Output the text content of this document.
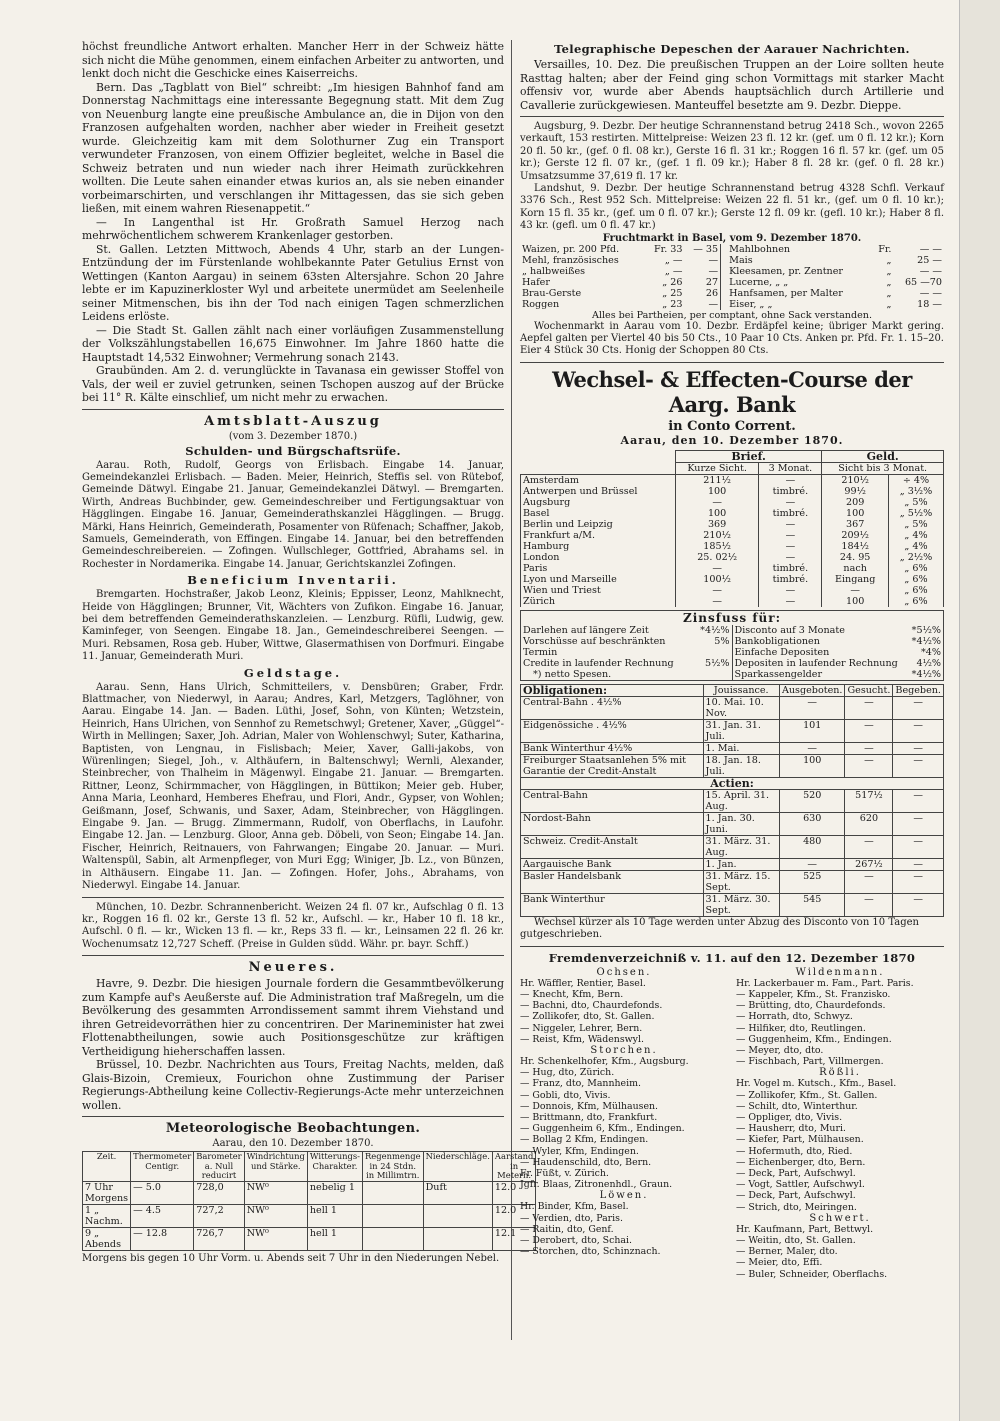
höchst freundliche Antwort erhalten. Mancher Herr in der Schweiz hätte sich nicht die Mühe genommen, einem einfachen Arbeiter zu antworten, und lenkt doch nicht die Geschicke eines Kaiserreichs.

Bern. Das „Tagblatt von Biel“ schreibt: „Im hiesigen Bahnhof fand am Donnerstag Nachmittags eine interessante Begegnung statt. Mit dem Zug von Neuenburg langte eine preußische Ambulance an, die in Dijon von den Franzosen aufgehalten worden, nachher aber wieder in Freiheit gesetzt wurde. Gleichzeitig kam mit dem Solothurner Zug ein Transport verwundeter Franzosen, von einem Offizier begleitet, welche in Basel die Schweiz betraten und nun wieder nach ihrer Heimath zurückkehren wollten. Die Leute sahen einander etwas kurios an, als sie neben einander vorbeimarschirten, und verschlangen ihr Mittagessen, das sie sich geben ließen, mit einem wahren Riesenappetit.“

— In Langenthal ist Hr. Großrath Samuel Herzog nach mehrwöchentlichem schwerem Krankenlager gestorben.

St. Gallen. Letzten Mittwoch, Abends 4 Uhr, starb an der Lungen-Entzündung der im Fürstenlande wohlbekannte Pater Getulius Ernst von Wettingen (Kanton Aargau) in seinem 63sten Altersjahre. Schon 20 Jahre lebte er im Kapuzinerkloster Wyl und arbeitete unermüdet am Seelenheile seiner Mitmenschen, bis ihn der Tod nach einigen Tagen schmerzlichen Leidens erlöste.

— Die Stadt St. Gallen zählt nach einer vorläufigen Zusammenstellung der Volkszählungstabellen 16,675 Einwohner. Im Jahre 1860 hatte die Hauptstadt 14,532 Einwohner; Vermehrung sonach 2143.

Graubünden. Am 2. d. verunglückte in Tavanasa ein gewisser Stoffel von Vals, der weil er zuviel getrunken, seinen Tschopen auszog auf der Brücke bei 11° R. Kälte einschlief, um nicht mehr zu erwachen.

Amtsblatt-Auszug
(vom 3. Dezember 1870.)
Schulden- und Bürgschaftsrüfe.

Aarau. Roth, Rudolf, Georgs von Erlisbach. Eingabe 14. Januar, Gemeindekanzlei Erlisbach. — Baden. Meier, Heinrich, Steffis sel. von Rütebof, Gemeinde Dätwyl. Eingabe 21. Januar, Gemeindekanzlei Dätwyl. — Bremgarten. Wirth, Andreas Buchbinder, gew. Gemeindeschreiber und Fertigungsaktuar von Hägglingen. Eingabe 16. Januar, Gemeinderathskanzlei Hägglingen. — Brugg. Märki, Hans Heinrich, Gemeinderath, Posamenter von Rüfenach; Schaffner, Jakob, Samuels, Gemeinderath, von Effingen. Eingabe 14. Januar, bei den betreffenden Gemeindeschreibereien. — Zofingen. Wullschleger, Gottfried, Abrahams sel. in Rochester in Nordamerika. Eingabe 14. Januar, Gerichtskanzlei Zofingen.

Beneficium Inventarii.

Bremgarten. Hochstraßer, Jakob Leonz, Kleinis; Eppisser, Leonz, Mahlknecht, Heide von Hägglingen; Brunner, Vit, Wächters von Zufikon. Eingabe 16. Januar, bei dem betreffenden Gemeinderathskanzleien. — Lenzburg. Rüfli, Ludwig, gew. Kaminfeger, von Seengen. Eingabe 18. Jan., Gemeindeschreiberei Seengen. — Muri. Rebsamen, Rosa geb. Huber, Wittwe, Glasermathisen von Dorfmuri. Eingabe 11. Januar, Gemeinderath Muri.

Geldstage.

Aarau. Senn, Hans Ulrich, Schmitteilers, v. Densbüren; Graber, Frdr. Blattmacher, von Niederwyl, in Aarau; Andres, Karl, Metzgers, Taglöhner, von Aarau. Eingabe 14. Jan. — Baden. Lüthi, Josef, Sohn, von Künten; Wetzstein, Heinrich, Hans Ulrichen, von Sennhof zu Remetschwyl; Gretener, Xaver, „Güggel“-Wirth in Mellingen; Saxer, Joh. Adrian, Maler von Wohlenschwyl; Suter, Katharina, Baptisten, von Lengnau, in Fislisbach; Meier, Xaver, Galli-jakobs, von Würenlingen; Siegel, Joh., v. Althäufern, in Baltenschwyl; Wernli, Alexander, Steinbrecher, von Thalheim in Mägenwyl. Eingabe 21. Januar. — Bremgarten. Rittner, Leonz, Schirmmacher, von Hägglingen, in Büttikon; Meier geb. Huber, Anna Maria, Leonhard, Hemberes Ehefrau, und Flori, Andr., Gypser, von Wohlen; Geißmann, Josef, Schwanis, und Saxer, Adam, Steinbrecher, von Hägglingen. Eingabe 9. Jan. — Brugg. Zimmermann, Rudolf, von Oberflachs, in Laufohr. Eingabe 12. Jan. — Lenzburg. Gloor, Anna geb. Döbeli, von Seon; Eingabe 14. Jan. Fischer, Heinrich, Reitnauers, von Fahrwangen; Eingabe 20. Januar. — Muri. Waltenspül, Sabin, alt Armenpfleger, von Muri Egg; Winiger, Jb. Lz., von Bünzen, in Althäusern. Eingabe 11. Jan. — Zofingen. Hofer, Johs., Abrahams, von Niederwyl. Eingabe 14. Januar.

München, 10. Dezbr. Schrannenbericht. Weizen 24 fl. 07 kr., Aufschlag 0 fl. 13 kr., Roggen 16 fl. 02 kr., Gerste 13 fl. 52 kr., Aufschl. — kr., Haber 10 fl. 18 kr., Aufschl. 0 fl. — kr., Wicken 13 fl. — kr., Reps 33 fl. — kr., Leinsamen 22 fl. 26 kr. Wochenumsatz 12,727 Scheff. (Preise in Gulden südd. Währ. pr. bayr. Schff.)

Neueres.

Havre, 9. Dezbr. Die hiesigen Journale fordern die Gesammtbevölkerung zum Kampfe auf's Aeußerste auf. Die Administration traf Maßregeln, um die Bevölkerung des gesammten Arrondissement sammt ihrem Viehstand und ihren Getreidevorräthen hier zu concentriren. Der Marineminister hat zwei Flottenabtheilungen, sowie auch Positionsgeschütze zur kräftigen Vertheidigung hieherschaffen lassen.

Brüssel, 10. Dezbr. Nachrichten aus Tours, Freitag Nachts, melden, daß Glais-Bizoin, Cremieux, Fourichon ohne Zustimmung der Pariser Regierungs-Abtheilung keine Collectiv-Regierungs-Acte mehr unterzeichnen wollen.

Meteorologische Beobachtungen.
Aarau, den 10. Dezember 1870.
Zeit.	Thermometer Centigr.	Barometer a. Null reducirt	Windrichtung und Stärke.	Witterungs-Charakter.	Regenmenge in 24 Stdn. in Millimtrn.	Niederschläge.	Aarstand in Metern.
7 Uhr Morgens	— 5.0	728,0	NW⁰	nebelig 1		Duft	12.0
1 „ Nachm.	— 4.5	727,2	NW⁰	hell 1			12.0
9 „ Abends	— 12.8	726,7	NW⁰	hell 1			12.1
Morgens bis gegen 10 Uhr Vorm. u. Abends seit 7 Uhr in den Niederungen Nebel.
Telegraphische Depeschen der Aarauer Nachrichten.

Versailles, 10. Dez. Die preußischen Truppen an der Loire sollten heute Rasttag halten; aber der Feind ging schon Vormittags mit starker Macht offensiv vor, wurde aber Abends hauptsächlich durch Artillerie und Cavallerie zurückgewiesen. Manteuffel besetzte am 9. Dezbr. Dieppe.

Augsburg, 9. Dezbr. Der heutige Schrannenstand betrug 2418 Sch., wovon 2265 verkauft, 153 restirten. Mittelpreise: Weizen 23 fl. 12 kr. (gef. um 0 fl. 12 kr.); Korn 20 fl. 50 kr., (gef. 0 fl. 08 kr.), Gerste 16 fl. 31 kr.; Roggen 16 fl. 57 kr. (gef. um 05 kr.); Gerste 12 fl. 07 kr., (gef. 1 fl. 09 kr.); Haber 8 fl. 28 kr. (gef. 0 fl. 28 kr.) Umsatzsumme 37,619 fl. 17 kr.

Landshut, 9. Dezbr. Der heutige Schrannenstand betrug 4328 Schfl. Verkauf 3376 Sch., Rest 952 Sch. Mittelpreise: Weizen 22 fl. 51 kr., (gef. um 0 fl. 10 kr.); Korn 15 fl. 35 kr., (gef. um 0 fl. 07 kr.); Gerste 12 fl. 09 kr. (gefl. 10 kr.); Haber 8 fl. 43 kr. (gefl. um 0 fl. 47 kr.)

Fruchtmarkt in Basel, vom 9. Dezember 1870.
Waizen, pr. 200 Pfd.	Fr. 33	— 35		Mahlbohnen	Fr.	— —
Mehl, französisches	„ —	—		Mais	„	25 —
„ halbweißes	„ —	—		Kleesamen, pr. Zentner	„	— —
Hafer	„ 26	27		Lucerne, „ „	„	65 —70
Brau-Gerste	„ 25	26		Hanfsamen, per Malter	„	— —
Roggen	„ 23	—		Eiser, „ „	„	18 —
Alles bei Partheien, per comptant, ohne Sack verstanden.

Wochenmarkt in Aarau vom 10. Dezbr. Erdäpfel keine; übriger Markt gering. Aepfel galten per Viertel 40 bis 50 Cts., 10 Paar 10 Cts. Anken pr. Pfd. Fr. 1. 15–20. Eier 4 Stück 30 Cts. Honig der Schoppen 80 Cts.

Wechsel- & Effecten-Course der Aarg. Bank
in Conto Corrent.
Aarau, den 10. Dezember 1870.
	Brief.		Geld.	
	Kurze Sicht.	3 Monat.	Sicht bis 3 Monat.	
Amsterdam	211½	—	210½	÷ 4%
Antwerpen und Brüssel	100	timbré.	99½	„ 3½%
Augsburg	—	—	209	„ 5%
Basel	100	timbré.	100	„ 5½%
Berlin und Leipzig	369	—	367	„ 5%
Frankfurt a/M.	210½	—	209½	„ 4%
Hamburg	185½	—	184½	„ 4%
London	25. 02½	—	24. 95	„ 2½%
Paris	—	timbré.	nach	„ 6%
Lyon und Marseille	100½	timbré.	Eingang	„ 6%
Wien und Triest	—	—	—	„ 6%
Zürich	—	—	100	„ 6%
Zinsfuss für:
Darlehen auf längere Zeit	*4½%
Vorschüsse auf beschränkten Termin	5%
Credite in laufender Rechnung	5½%
*) netto Spesen.
Disconto auf 3 Monate	*5½%
Bankobligationen	*4½%
Einfache Depositen	*4%
Depositen in laufender Rechnung	4½%
Sparkassengelder	*4½%
Obligationen:	Jouissance.	Ausgeboten.	Gesucht.	Begeben.
Central-Bahn . 4½%	10. Mai. 10. Nov.	—	—	—
Eidgenössiche . 4½%	31. Jan. 31. Juli.	101	—	—
Bank Winterthur 4½%	1. Mai.	—	—	—
Freiburger Staatsanlehen 5% mit Garantie der Credit-Anstalt	18. Jan. 18. Juli.	100	—	—
Actien:				
Central-Bahn	15. April. 31. Aug.	520	517½	—
Nordost-Bahn	1. Jan. 30. Juni.	630	620	—
Schweiz. Credit-Anstalt	31. März. 31. Aug.	480	—	—
Aargauische Bank	1. Jan.	—	267½	—
Basler Handelsbank	31. März. 15. Sept.	525	—	—
Bank Winterthur	31. März. 30. Sept.	545	—	—
Wechsel kürzer als 10 Tage werden unter Abzug des Disconto von 10 Tagen gutgeschrieben.
Fremdenverzeichniß v. 11. auf den 12. Dezember 1870
Ochsen.
Hr. Wäffler, Rentier, Basel.
— Knecht, Kfm, Bern.
— Bachni, dto, Chaurdefonds.
— Zollikofer, dto, St. Gallen.
— Niggeler, Lehrer, Bern.
— Reist, Kfm, Wädenswyl.
Storchen.
Hr. Schenkelhofer, Kfm., Augsburg.
— Hug, dto, Zürich.
— Franz, dto, Mannheim.
— Gobli, dto, Vivis.
— Donnois, Kfm, Mülhausen.
— Brittmann, dto, Frankfurt.
— Guggenheim 6, Kfm., Endingen.
— Bollag 2 Kfm, Endingen.
— Wyler, Kfm, Endingen.
— Haudenschild, dto, Bern.
Fr. Füßt, v. Zürich.
Jgfr. Blaas, Zitronenhdl., Graun.
Löwen.
Hr. Binder, Kfm, Basel.
— Verdien, dto, Paris.
— Raitin, dto, Genf.
— Derobert, dto, Schai.
— Storchen, dto, Schinznach.
Wildenmann.
Hr. Lackerbauer m. Fam., Part. Paris.
— Kappeler, Kfm., St. Franzisko.
— Brütting, dto, Chaurdefonds.
— Horrath, dto, Schwyz.
— Hilfiker, dto, Reutlingen.
— Guggenheim, Kfm., Endingen.
— Meyer, dto, dto.
— Fischbach, Part, Villmergen.
Rößli.
Hr. Vogel m. Kutsch., Kfm., Basel.
— Zollikofer, Kfm., St. Gallen.
— Schilt, dto, Winterthur.
— Oppliger, dto, Vivis.
— Hausherr, dto, Muri.
— Kiefer, Part, Mülhausen.
— Hofermuth, dto, Ried.
— Eichenberger, dto, Bern.
— Deck, Part, Aufschwyl.
— Vogt, Sattler, Aufschwyl.
— Deck, Part, Aufschwyl.
— Strich, dto, Meiringen.
Schwert.
Hr. Kaufmann, Part, Bettwyl.
— Weitin, dto, St. Gallen.
— Berner, Maler, dto.
— Meier, dto, Effi.
— Buler, Schneider, Oberflachs.
